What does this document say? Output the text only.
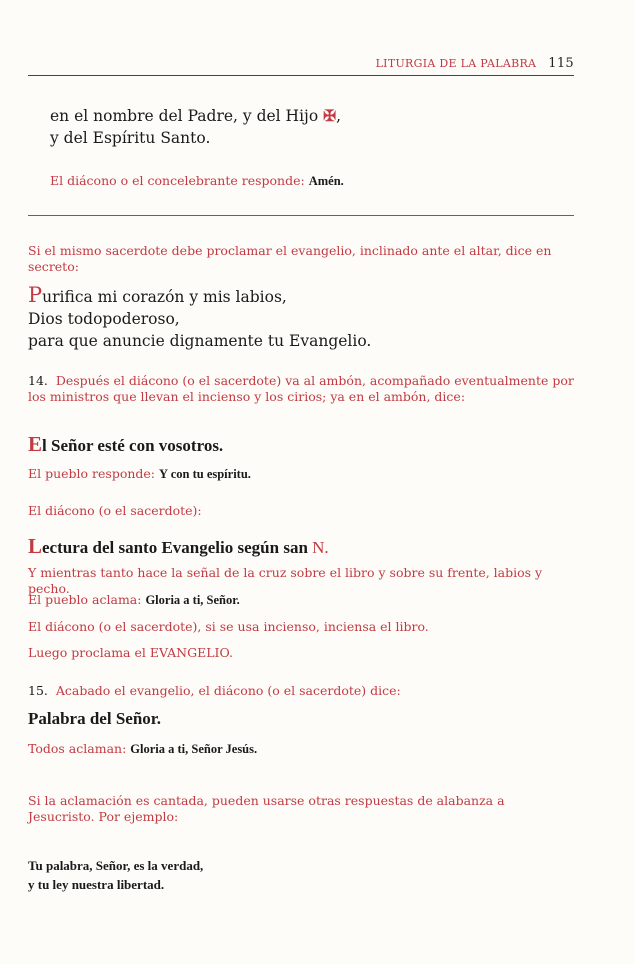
LITURGIA DE LA PALABRA 115
en el nombre del Padre, y del Hijo ✠,
y del Espíritu Santo.
El diácono o el concelebrante responde: Amén.
Si el mismo sacerdote debe proclamar el evangelio, inclinado ante el altar, dice en secreto:
Purifica mi corazón y mis labios,
Dios todopoderoso,
para que anuncie dignamente tu Evangelio.
14. Después el diácono (o el sacerdote) va al ambón, acompañado eventualmente por los ministros que llevan el incienso y los cirios; ya en el ambón, dice:
El Señor esté con vosotros.
El pueblo responde: Y con tu espíritu.
El diácono (o el sacerdote):
Lectura del santo Evangelio según san N.
Y mientras tanto hace la señal de la cruz sobre el libro y sobre su frente, labios y pecho.
El pueblo aclama: Gloria a ti, Señor.
El diácono (o el sacerdote), si se usa incienso, inciensa el libro.
Luego proclama el EVANGELIO.
15. Acabado el evangelio, el diácono (o el sacerdote) dice:
Palabra del Señor.
Todos aclaman: Gloria a ti, Señor Jesús.
Si la aclamación es cantada, pueden usarse otras respuestas de alabanza a Jesucristo. Por ejemplo:
Tu palabra, Señor, es la verdad,
y tu ley nuestra libertad.
